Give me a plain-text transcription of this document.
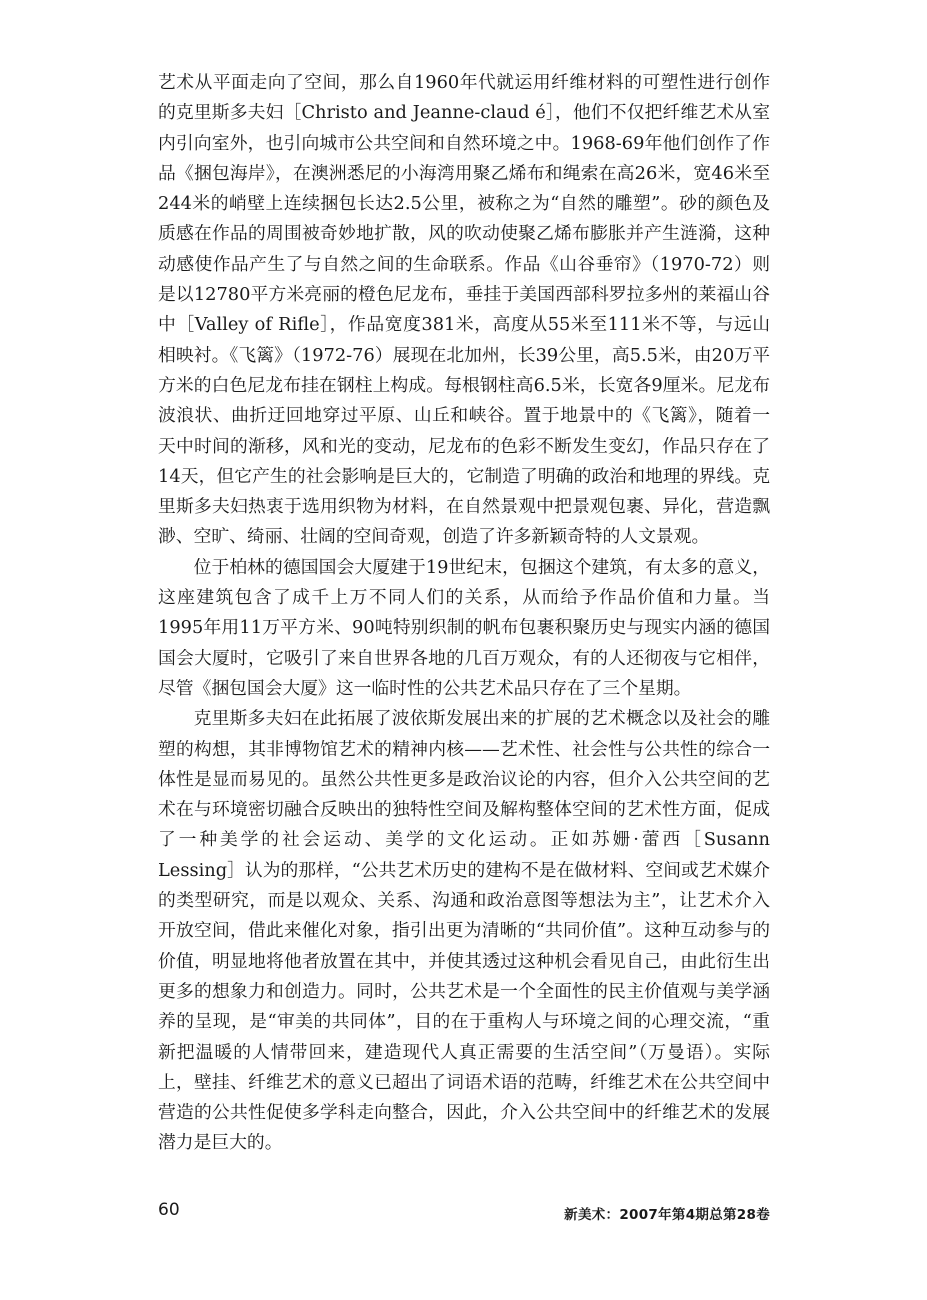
艺术从平面走向了空间，那么自1960年代就运用纤维材料的可塑性进行创作的克里斯多夫妇［Christo and Jeanne-claud é］，他们不仅把纤维艺术从室内引向室外，也引向城市公共空间和自然环境之中。1968-69年他们创作了作品《捆包海岸》，在澳洲悉尼的小海湾用聚乙烯布和绳索在高26米，宽46米至244米的峭壁上连续捆包长达2.5公里，被称之为“自然的雕塑”。砂的颜色及质感在作品的周围被奇妙地扩散，风的吹动使聚乙烯布膨胀并产生涟漪，这种动感使作品产生了与自然之间的生命联系。作品《山谷垂帘》（1970-72）则是以12780平方米亮丽的橙色尼龙布，垂挂于美国西部科罗拉多州的莱福山谷中［Valley of Rifle］，作品宽度381米，高度从55米至111米不等，与远山相映衬。《飞篱》（1972-76）展现在北加州，长39公里，高5.5米，由20万平方米的白色尼龙布挂在钢柱上构成。每根钢柱高6.5米，长宽各9厘米。尼龙布波浪状、曲折迂回地穿过平原、山丘和峡谷。置于地景中的《飞篱》，随着一天中时间的渐移，风和光的变动，尼龙布的色彩不断发生变幻，作品只存在了14天，但它产生的社会影响是巨大的，它制造了明确的政治和地理的界线。克里斯多夫妇热衷于选用织物为材料，在自然景观中把景观包裹、异化，营造飘渺、空旷、绮丽、壮阔的空间奇观，创造了许多新颖奇特的人文景观。

位于柏林的德国国会大厦建于19世纪末，包捆这个建筑，有太多的意义，这座建筑包含了成千上万不同人们的关系，从而给予作品价值和力量。当1995年用11万平方米、90吨特别织制的帆布包裹积聚历史与现实内涵的德国国会大厦时，它吸引了来自世界各地的几百万观众，有的人还彻夜与它相伴，尽管《捆包国会大厦》这一临时性的公共艺术品只存在了三个星期。

克里斯多夫妇在此拓展了波依斯发展出来的扩展的艺术概念以及社会的雕塑的构想，其非博物馆艺术的精神内核——艺术性、社会性与公共性的综合一体性是显而易见的。虽然公共性更多是政治议论的内容，但介入公共空间的艺术在与环境密切融合反映出的独特性空间及解构整体空间的艺术性方面，促成了一种美学的社会运动、美学的文化运动。正如苏姗·蕾西［Susann Lessing］认为的那样，“公共艺术历史的建构不是在做材料、空间或艺术媒介的类型研究，而是以观众、关系、沟通和政治意图等想法为主”，让艺术介入开放空间，借此来催化对象，指引出更为清晰的“共同价值”。这种互动参与的价值，明显地将他者放置在其中，并使其透过这种机会看见自己，由此衍生出更多的想象力和创造力。同时，公共艺术是一个全面性的民主价值观与美学涵养的呈现，是“审美的共同体”，目的在于重构人与环境之间的心理交流，“重新把温暖的人情带回来，建造现代人真正需要的生活空间”（万曼语）。实际上，壁挂、纤维艺术的意义已超出了词语术语的范畴，纤维艺术在公共空间中营造的公共性促使多学科走向整合，因此，介入公共空间中的纤维艺术的发展潜力是巨大的。

60	新美术：2007年第4期总第28卷
